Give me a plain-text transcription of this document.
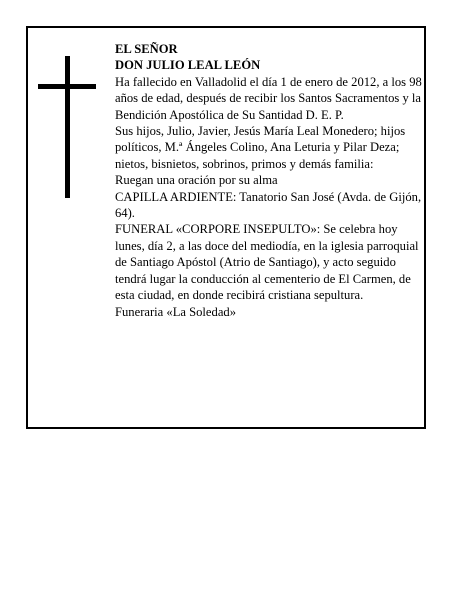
EL SEÑOR

DON JULIO LEAL LEÓN

Ha fallecido en Valladolid el día 1 de enero de 2012, a los 98 años de edad, después de recibir los Santos Sacramentos y la Bendición Apostólica de Su Santidad D. E. P.

Sus hijos, Julio, Javier, Jesús María Leal Monedero; hijos políticos, M.ª Ángeles Colino, Ana Leturia y Pilar Deza; nietos, bisnietos, sobrinos, primos y demás familia:

Ruegan una oración por su alma

CAPILLA ARDIENTE: Tanatorio San José (Avda. de Gijón, 64).

FUNERAL «CORPORE INSEPULTO»: Se celebra hoy lunes, día 2, a las doce del mediodía, en la iglesia parroquial de Santiago Apóstol (Atrio de Santiago), y acto seguido tendrá lugar la conducción al cementerio de El Carmen, de esta ciudad, en donde recibirá cristiana sepultura.

Funeraria «La Soledad»
